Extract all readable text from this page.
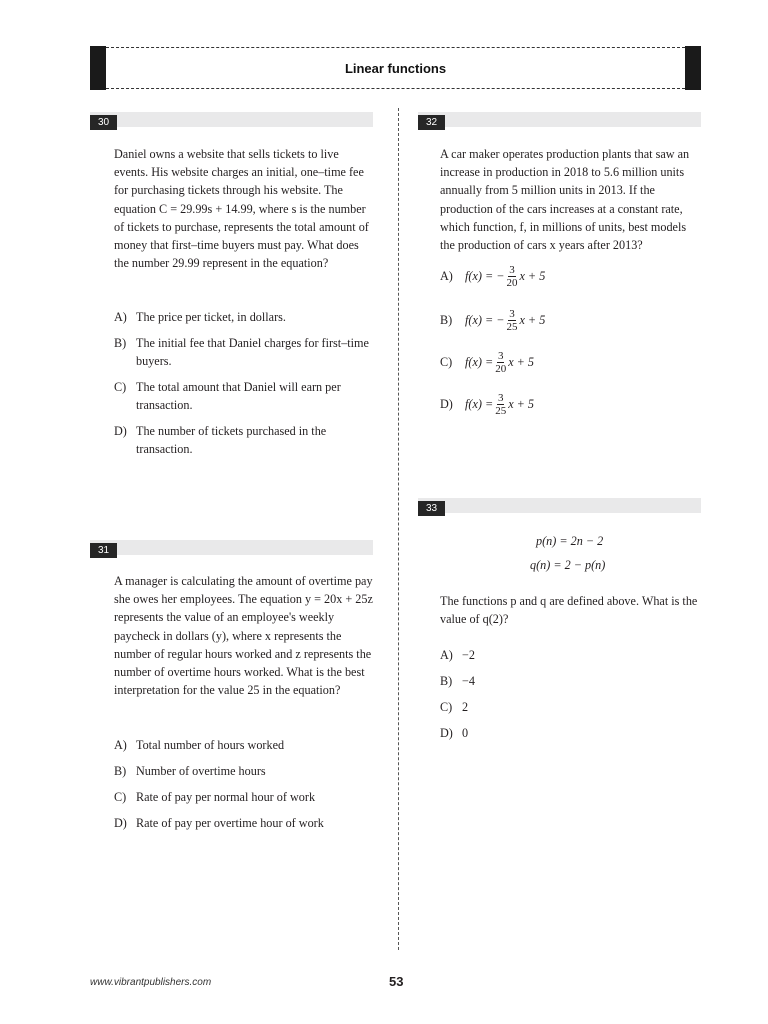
Linear functions
30

Daniel owns a website that sells tickets to live events. His website charges an initial, one–time fee for purchasing tickets through his website. The equation C = 29.99s + 14.99, where s is the number of tickets to purchase, represents the total amount of money that first–time buyers must pay. What does the number 29.99 represent in the equation?

A) The price per ticket, in dollars.
B) The initial fee that Daniel charges for first–time buyers.
C) The total amount that Daniel will earn per transaction.
D) The number of tickets purchased in the transaction.
31

A manager is calculating the amount of overtime pay she owes her employees. The equation y = 20x + 25z represents the value of an employee's weekly paycheck in dollars (y), where x represents the number of regular hours worked and z represents the number of overtime hours worked. What is the best interpretation for the value 25 in the equation?

A) Total number of hours worked
B) Number of overtime hours
C) Rate of pay per normal hour of work
D) Rate of pay per overtime hour of work
32

A car maker operates production plants that saw an increase in production in 2018 to 5.6 million units annually from 5 million units in 2013. If the production of the cars increases at a constant rate, which function, f, in millions of units, best models the production of cars x years after 2013?

A) f(x) = − $\frac{3}{20}$ x + 5
B)	f(x) = − $\frac{3}{25}$ x + 5
C)	$f(x) = \frac{3}{20}$ x + 5
D) $f(x) = \frac{3}{25}$ x + 5
33
p(n) = 2n − 2
q(n) = 2 − p(n)

The functions p and q are defined above. What is the value of q(2)?

A) −2
B) −4
C) 2
D) 0
www.vibrantpublishers.com	53
